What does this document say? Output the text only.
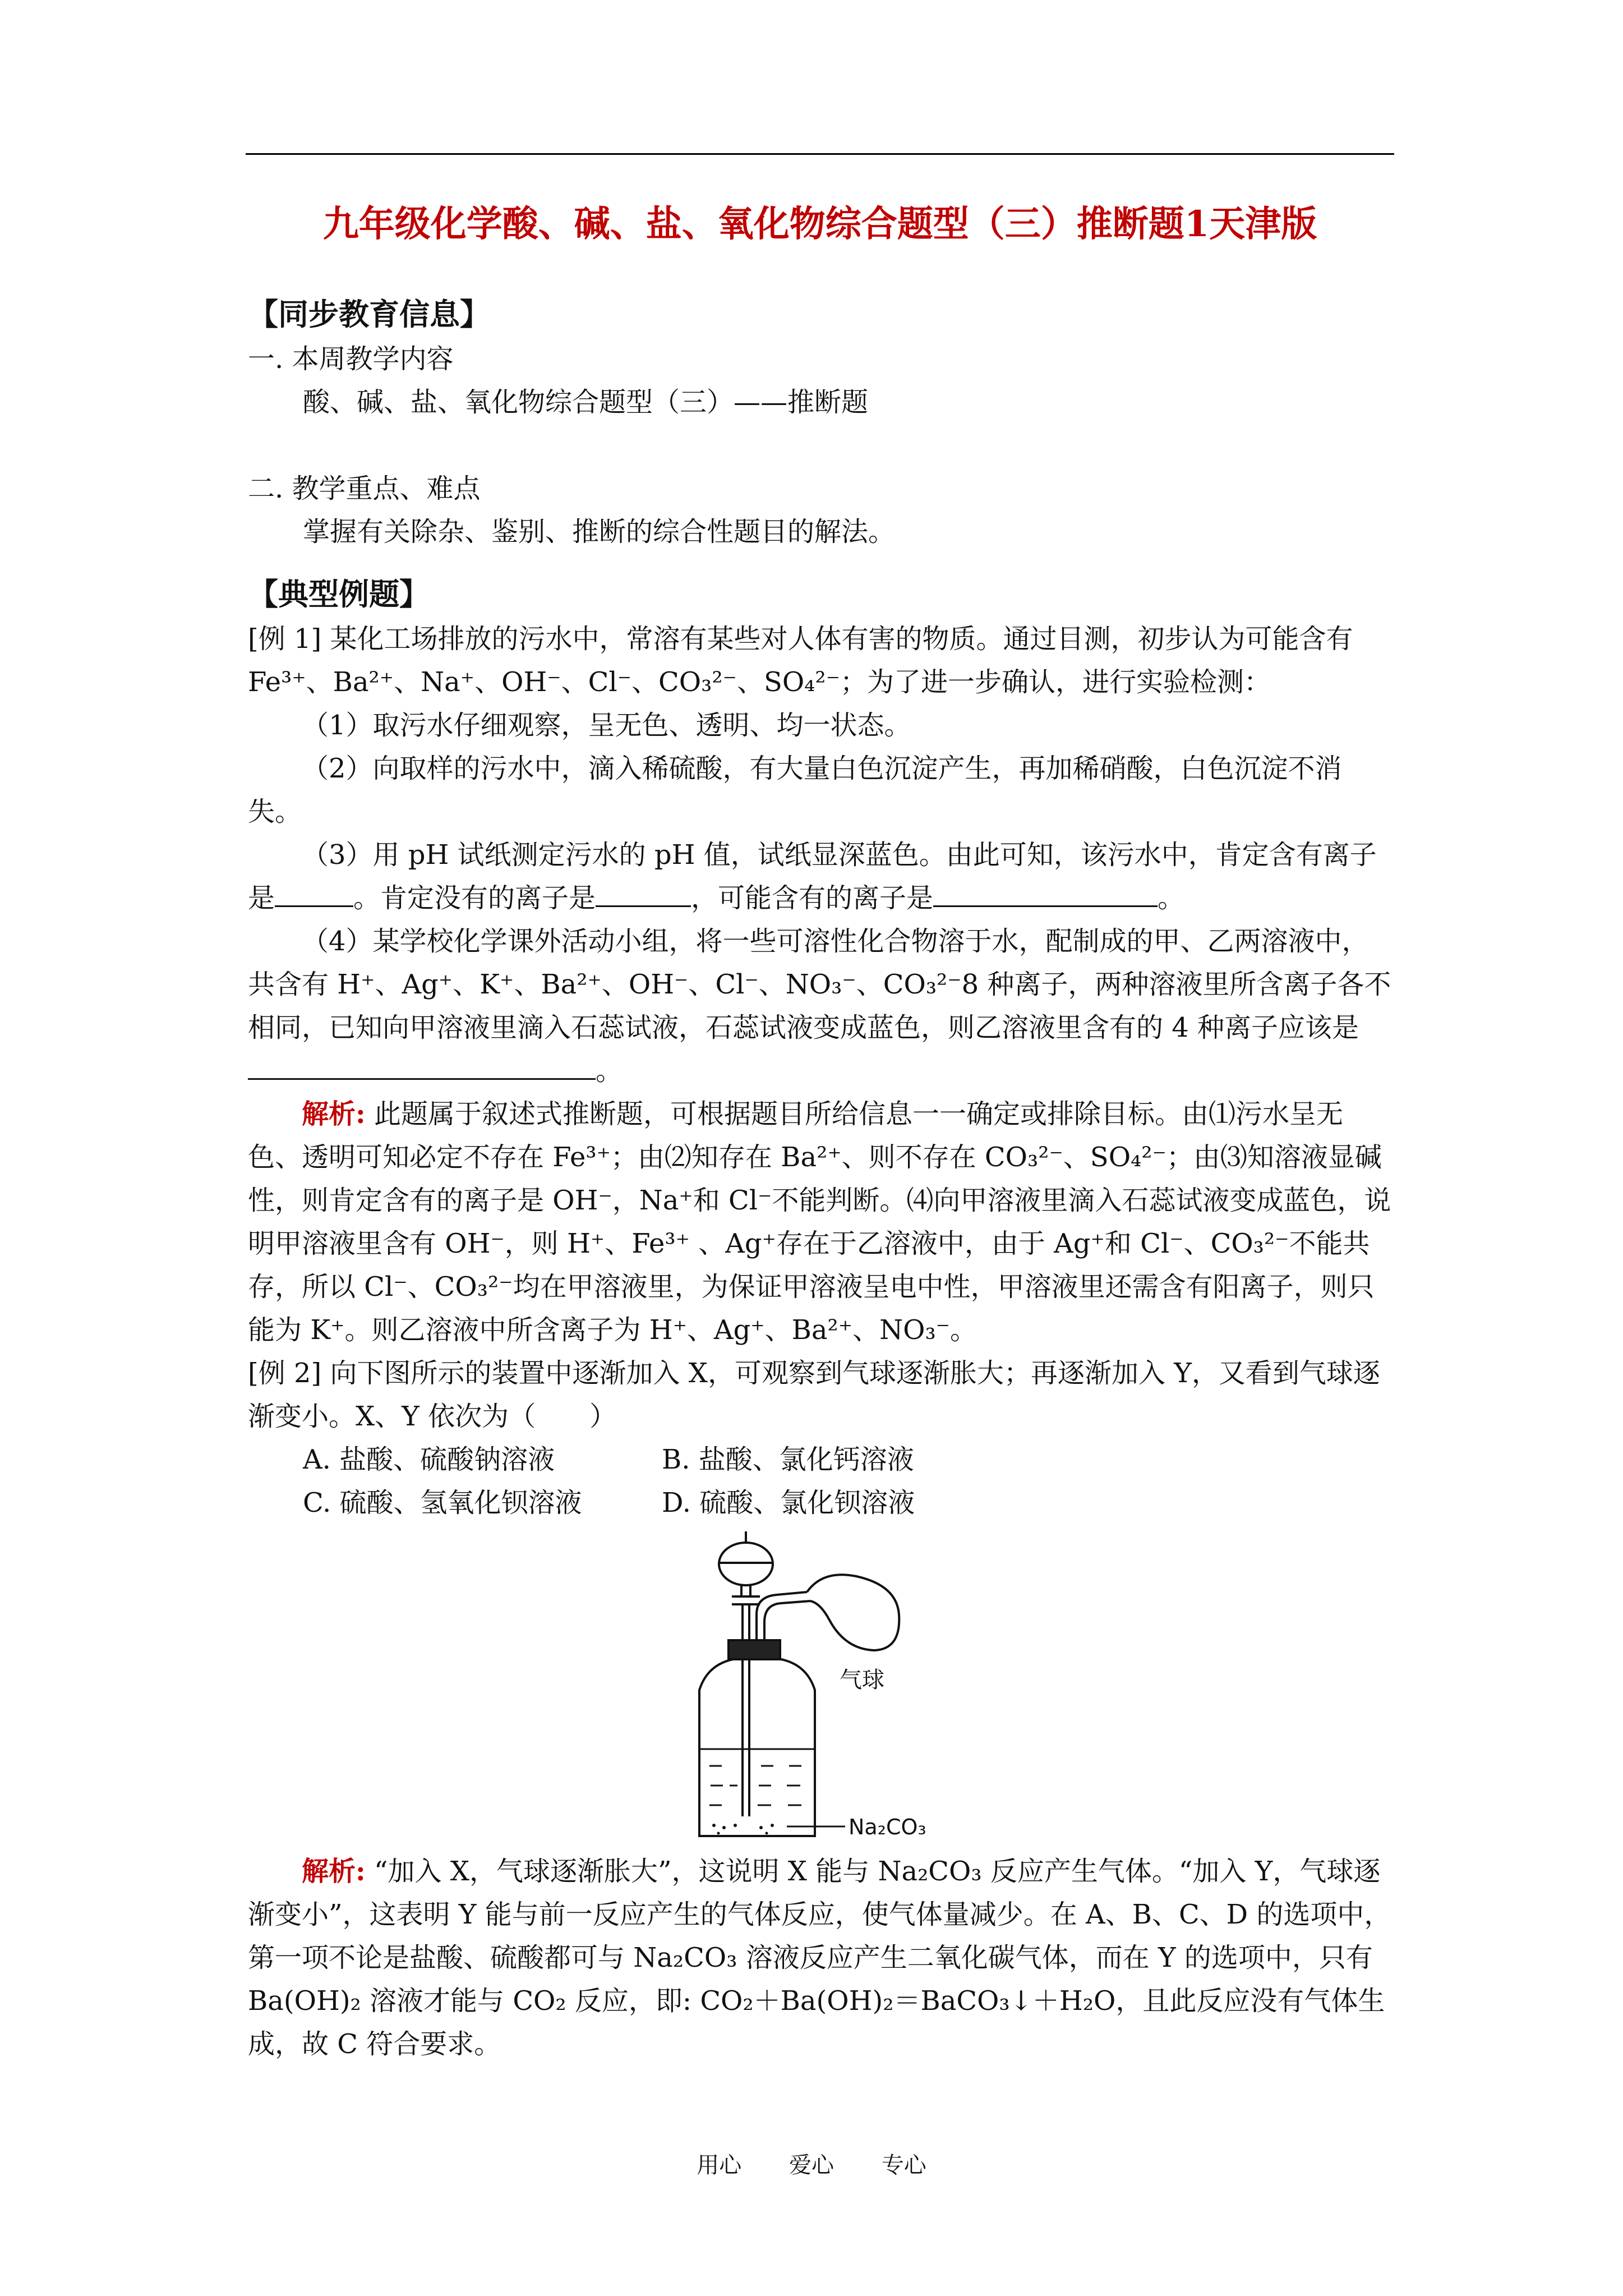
九年级化学酸、碱、盐、氧化物综合题型（三）推断题1天津版

【同步教育信息】

一. 本周教学内容

酸、碱、盐、氧化物综合题型（三）——推断题

二. 教学重点、难点

掌握有关除杂、鉴别、推断的综合性题目的解法。

【典型例题】

[例 1] 某化工场排放的污水中，常溶有某些对人体有害的物质。通过目测，初步认为可能含有 Fe³⁺、Ba²⁺、Na⁺、OH⁻、Cl⁻、CO₃²⁻、SO₄²⁻；为了进一步确认，进行实验检测：

（1）取污水仔细观察，呈无色、透明、均一状态。

（2）向取样的污水中，滴入稀硫酸，有大量白色沉淀产生，再加稀硝酸，白色沉淀不消失。

（3）用 pH 试纸测定污水的 pH 值，试纸显深蓝色。由此可知，该污水中，肯定含有离子是	。肯定没有的离子是	，可能含有的离子是	。

（4）某学校化学课外活动小组，将一些可溶性化合物溶于水，配制成的甲、乙两溶液中，共含有 H⁺、Ag⁺、K⁺、Ba²⁺、OH⁻、Cl⁻、NO₃⁻、CO₃²⁻8 种离子，两种溶液里所含离子各不相同，已知向甲溶液里滴入石蕊试液，石蕊试液变成蓝色，则乙溶液里含有的 4 种离子应该是。

解析: 此题属于叙述式推断题，可根据题目所给信息一一确定或排除目标。由⑴污水呈无色、透明可知必定不存在 Fe³⁺；由⑵知存在 Ba²⁺、则不存在 CO₃²⁻、SO₄²⁻；由⑶知溶液显碱性，则肯定含有的离子是 OH⁻，Na⁺和 Cl⁻不能判断。⑷向甲溶液里滴入石蕊试液变成蓝色，说明甲溶液里含有 OH⁻，则 H⁺、Fe³⁺ 、Ag⁺存在于乙溶液中，由于 Ag⁺和 Cl⁻、CO₃²⁻不能共存，所以 Cl⁻、CO₃²⁻均在甲溶液里，为保证甲溶液呈电中性，甲溶液里还需含有阳离子，则只能为 K⁺。则乙溶液中所含离子为 H⁺、Ag⁺、Ba²⁺、NO₃⁻。

[例 2] 向下图所示的装置中逐渐加入 X，可观察到气球逐渐胀大；再逐渐加入 Y，又看到气球逐渐变小。X、Y 依次为（　　）

A. 盐酸、硫酸钠溶液	B. 盐酸、氯化钙溶液
C. 硫酸、氢氧化钡溶液	D. 硫酸、氯化钡溶液
气球
Na₂CO₃

解析: “加入 X，气球逐渐胀大”，这说明 X 能与 Na₂CO₃ 反应产生气体。“加入 Y，气球逐渐变小”，这表明 Y 能与前一反应产生的气体反应，使气体量减少。在 A、B、C、D 的选项中，第一项不论是盐酸、硫酸都可与 Na₂CO₃ 溶液反应产生二氧化碳气体，而在 Y 的选项中，只有 Ba(OH)₂ 溶液才能与 CO₂ 反应，即: CO₂＋Ba(OH)₂＝BaCO₃↓＋H₂O，且此反应没有气体生成，故 C 符合要求。

用心 爱心 专心
